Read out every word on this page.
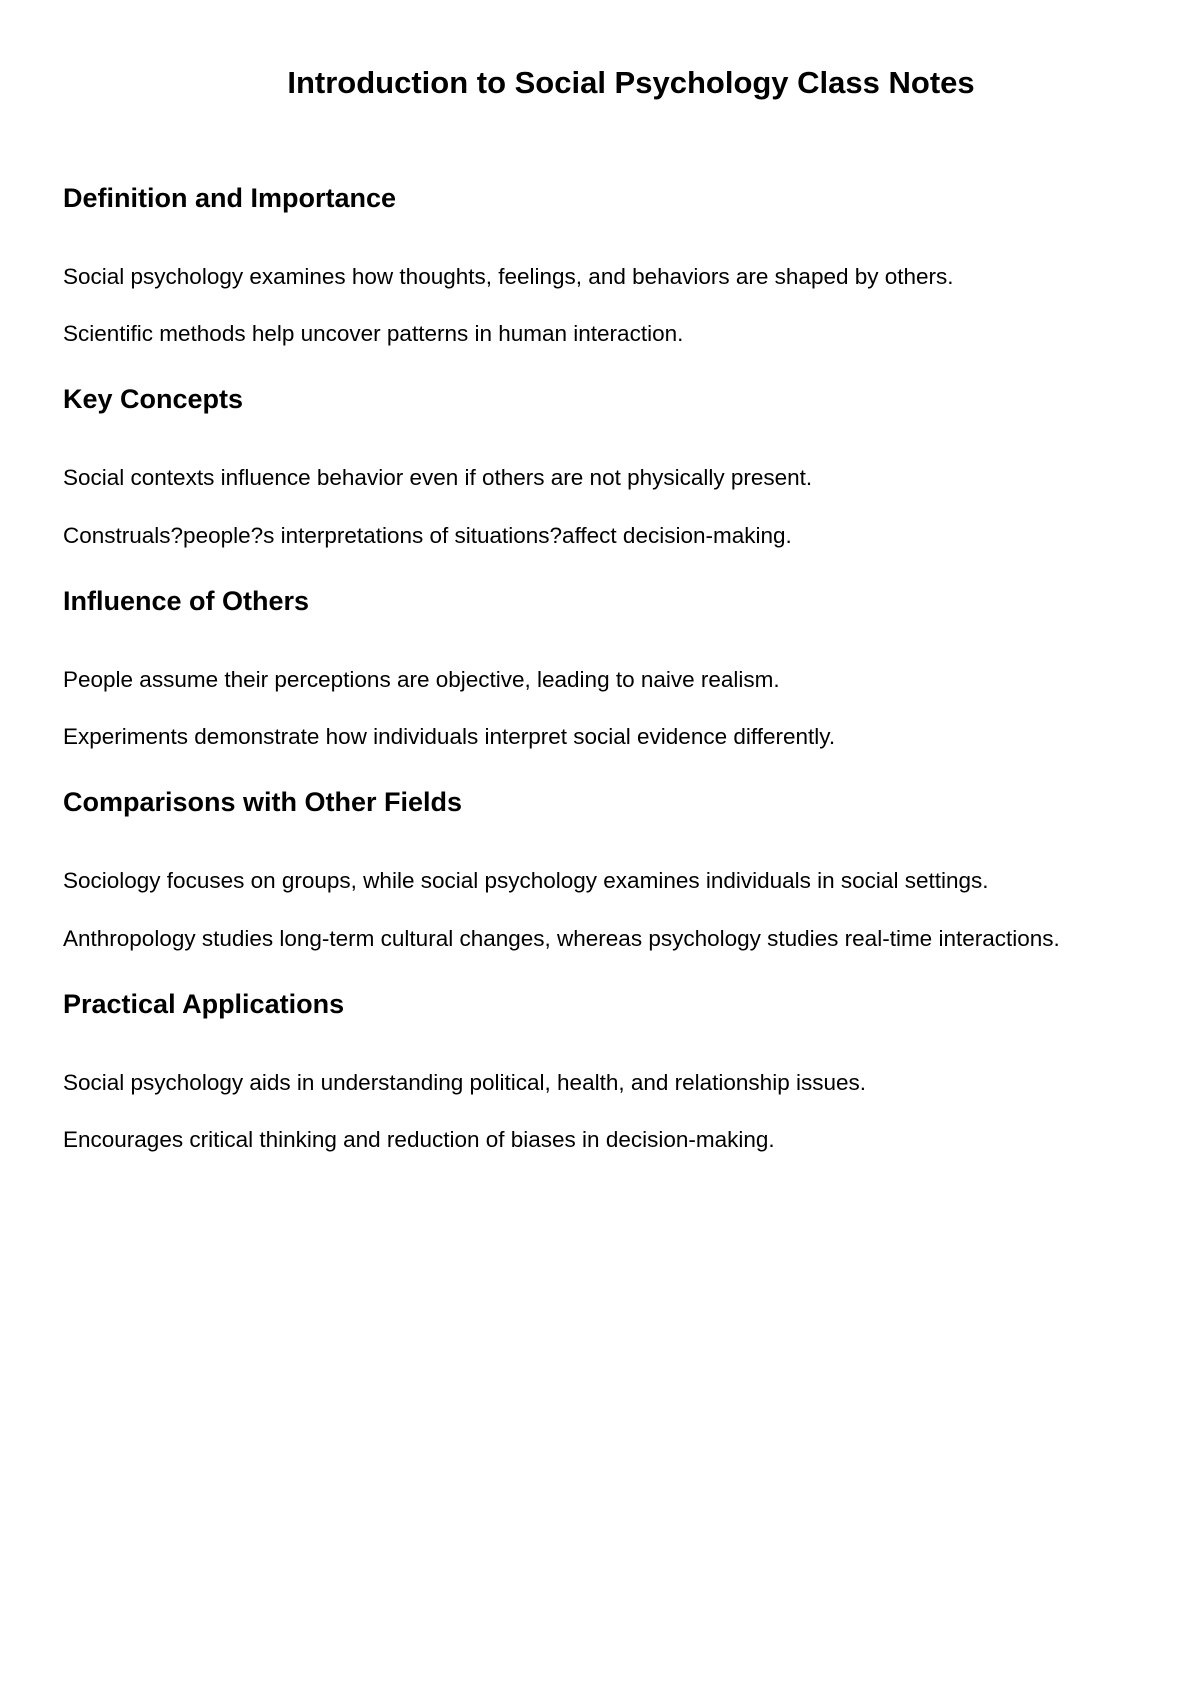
Introduction to Social Psychology Class Notes
Definition and Importance

Social psychology examines how thoughts, feelings, and behaviors are shaped by others.

Scientific methods help uncover patterns in human interaction.

Key Concepts

Social contexts influence behavior even if others are not physically present.

Construals?people?s interpretations of situations?affect decision-making.

Influence of Others

People assume their perceptions are objective, leading to naive realism.

Experiments demonstrate how individuals interpret social evidence differently.

Comparisons with Other Fields

Sociology focuses on groups, while social psychology examines individuals in social settings.

Anthropology studies long-term cultural changes, whereas psychology studies real-time interactions.

Practical Applications

Social psychology aids in understanding political, health, and relationship issues.

Encourages critical thinking and reduction of biases in decision-making.
